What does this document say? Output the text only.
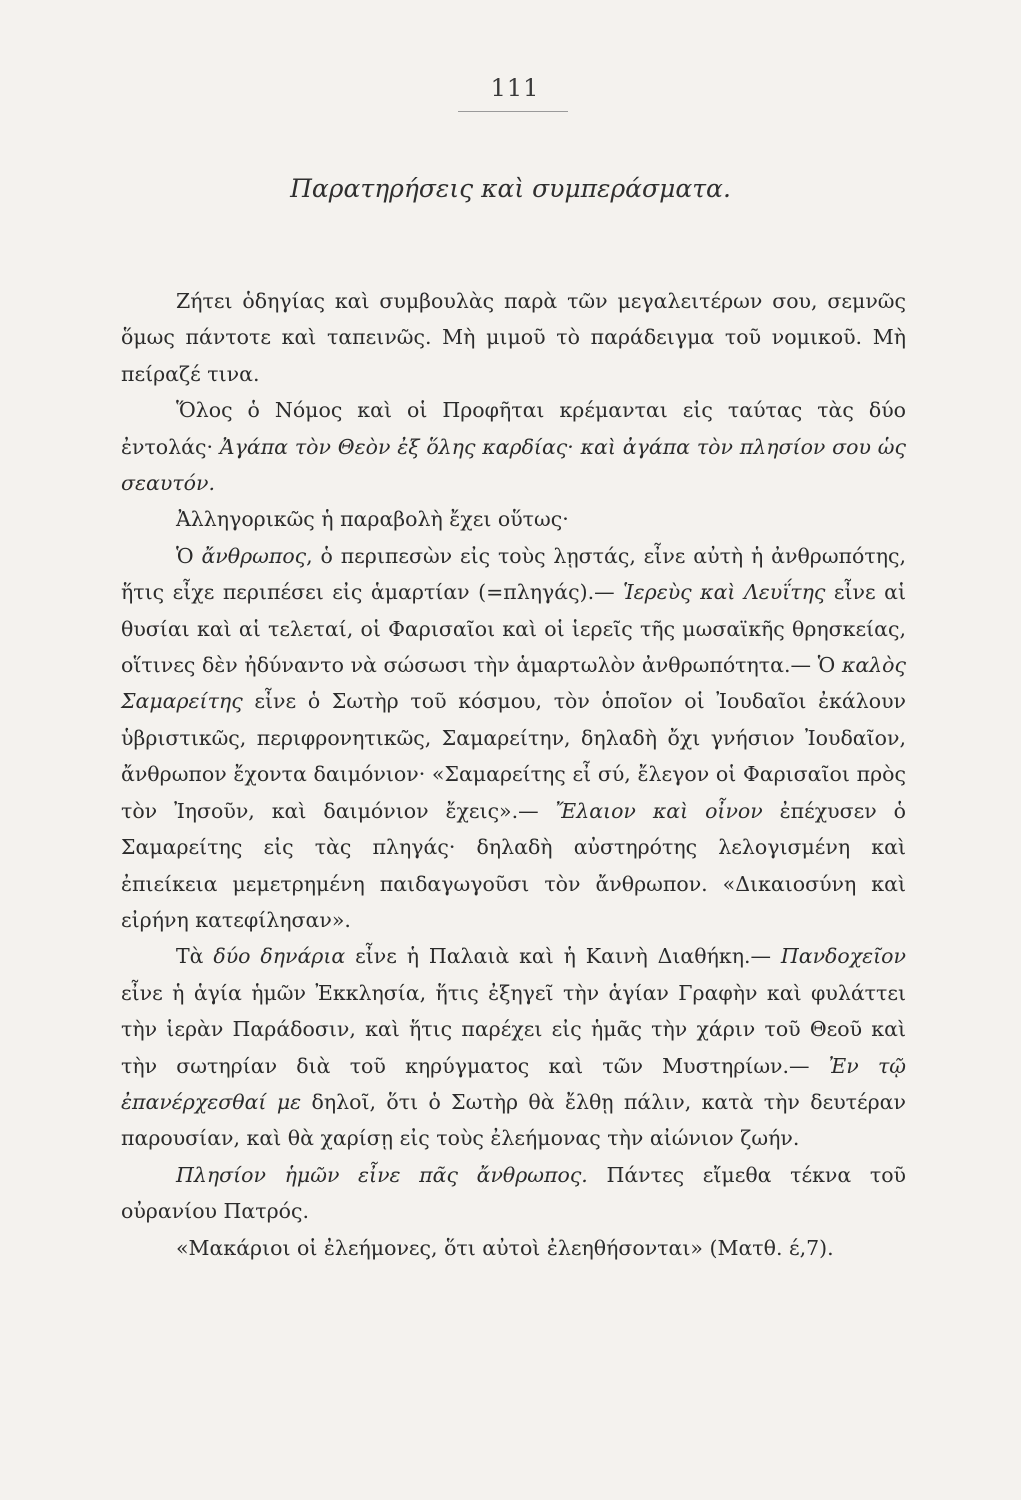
111
Παρατηρήσεις καὶ συμπεράσματα.

Ζήτει ὁδηγίας καὶ συμβουλὰς παρὰ τῶν μεγαλειτέρων σου, σεμνῶς ὅμως πάντοτε καὶ ταπεινῶς. Μὴ μιμοῦ τὸ παράδειγμα τοῦ νομικοῦ. Μὴ πείραζέ τινα.

Ὅλος ὁ Νόμος καὶ οἱ Προφῆται κρέμανται εἰς ταύτας τὰς δύο ἐντολάς· Ἀγάπα τὸν Θεὸν ἐξ ὅλης καρδίας· καὶ ἀγάπα τὸν πλησίον σου ὡς σεαυτόν.

Ἀλληγορικῶς ἡ παραβολὴ ἔχει οὕτως·

Ὁ ἄνθρωπος, ὁ περιπεσὼν εἰς τοὺς λῃστάς, εἶνε αὐτὴ ἡ ἀνθρωπότης, ἥτις εἶχε περιπέσει εἰς ἁμαρτίαν (=πληγάς).— Ἱερεὺς καὶ Λευΐτης εἶνε αἱ θυσίαι καὶ αἱ τελεταί, οἱ Φαρισαῖοι καὶ οἱ ἱερεῖς τῆς μωσαϊκῆς θρησκείας, οἵτινες δὲν ἠδύναντο νὰ σώσωσι τὴν ἁμαρτωλὸν ἀνθρωπότητα.— Ὁ καλὸς Σαμαρείτης εἶνε ὁ Σωτὴρ τοῦ κόσμου, τὸν ὁποῖον οἱ Ἰουδαῖοι ἐκάλουν ὑβριστικῶς, περιφρονητικῶς, Σαμαρείτην, δηλαδὴ ὄχι γνήσιον Ἰουδαῖον, ἄνθρωπον ἔχοντα δαιμόνιον· «Σαμαρείτης εἶ σύ, ἔλεγον οἱ Φαρισαῖοι πρὸς τὸν Ἰησοῦν, καὶ δαιμόνιον ἔχεις».— Ἔλαιον καὶ οἶνον ἐπέχυσεν ὁ Σαμαρείτης εἰς τὰς πληγάς· δηλαδὴ αὐστηρότης λελογισμένη καὶ ἐπιείκεια μεμετρημένη παιδαγωγοῦσι τὸν ἄνθρωπον. «Δικαιοσύνη καὶ εἰρήνη κατεφίλησαν».

Τὰ δύο δηνάρια εἶνε ἡ Παλαιὰ καὶ ἡ Καινὴ Διαθήκη.— Πανδοχεῖον εἶνε ἡ ἁγία ἡμῶν Ἐκκλησία, ἥτις ἐξηγεῖ τὴν ἁγίαν Γραφὴν καὶ φυλάττει τὴν ἱερὰν Παράδοσιν, καὶ ἥτις παρέχει εἰς ἡμᾶς τὴν χάριν τοῦ Θεοῦ καὶ τὴν σωτηρίαν διὰ τοῦ κηρύγματος καὶ τῶν Μυστηρίων.— Ἐν τῷ ἐπανέρχεσθαί με δηλοῖ, ὅτι ὁ Σωτὴρ θὰ ἔλθῃ πάλιν, κατὰ τὴν δευτέραν παρουσίαν, καὶ θὰ χαρίσῃ εἰς τοὺς ἐλεήμονας τὴν αἰώνιον ζωήν.

Πλησίον ἡμῶν εἶνε πᾶς ἄνθρωπος. Πάντες εἴμεθα τέκνα τοῦ οὐρανίου Πατρός.

«Μακάριοι οἱ ἐλεήμονες, ὅτι αὐτοὶ ἐλεηθήσονται» (Ματθ. έ,7).
